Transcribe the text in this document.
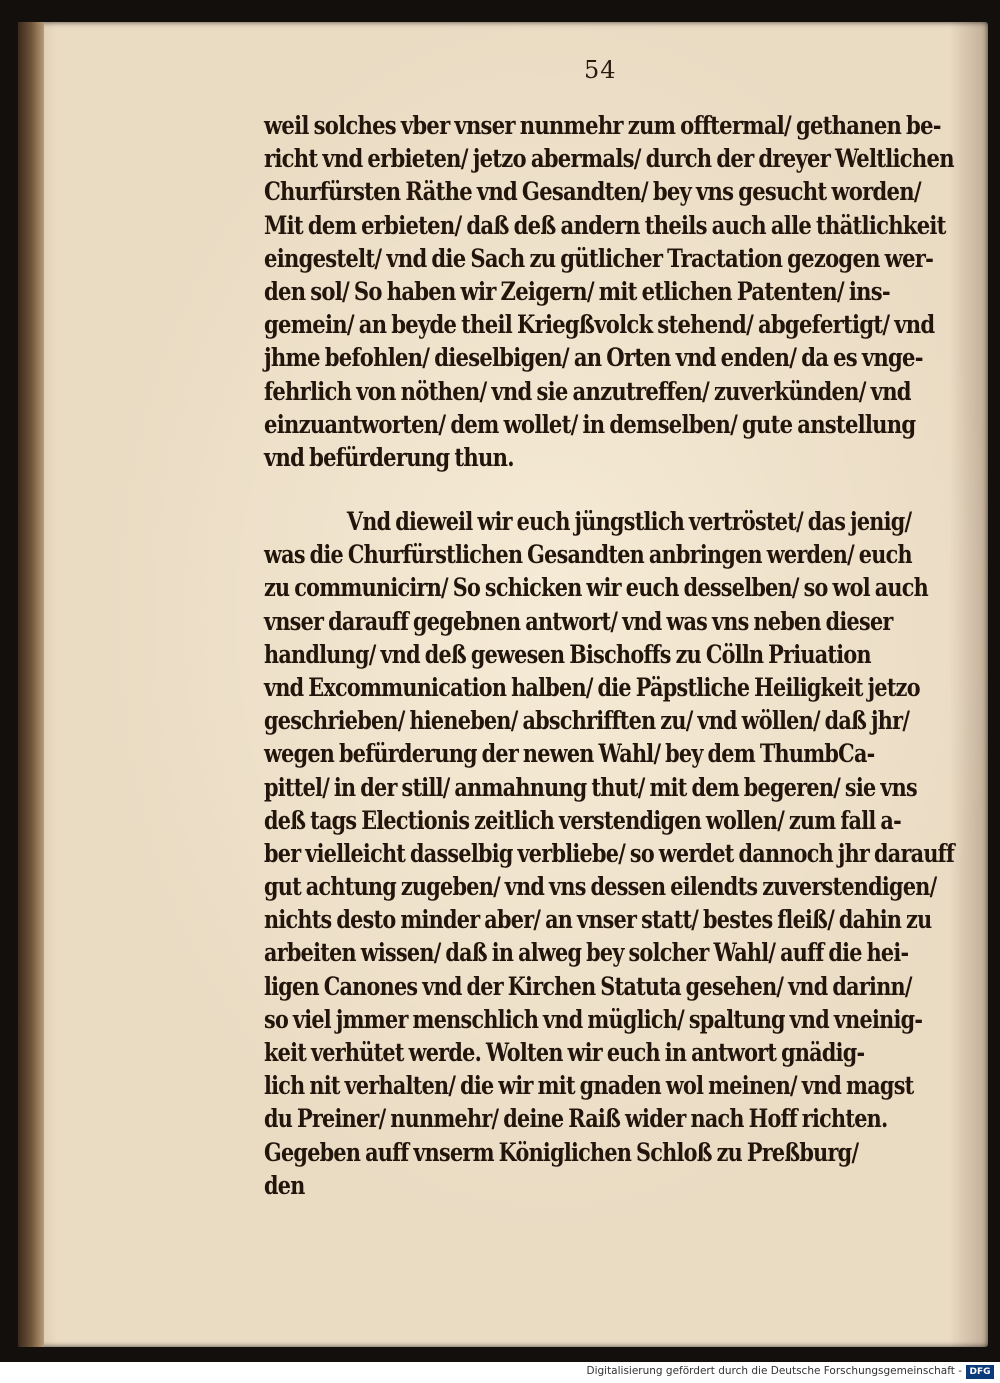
54
weil solches vber vnser nunmehr zum offtermal/ gethanen be-
richt vnd erbieten/ jetzo abermals/ durch der dreyer Weltlichen
Churfürsten Räthe vnd Gesandten/ bey vns gesucht worden/
Mit dem erbieten/ daß deß andern theils auch alle thätlichkeit
eingestelt/ vnd die Sach zu gütlicher Tractation gezogen wer-
den sol/ So haben wir Zeigern/ mit etlichen Patenten/ ins-
gemein/ an beyde theil Kriegßvolck stehend/ abgefertigt/ vnd
jhme befohlen/ dieselbigen/ an Orten vnd enden/ da es vnge-
fehrlich von nöthen/ vnd sie anzutreffen/ zuverkünden/ vnd
einzuantworten/ dem wollet/ in demselben/ gute anstellung
vnd befürderung thun.
Vnd dieweil wir euch jüngstlich vertröstet/ das jenig/
was die Churfürstlichen Gesandten anbringen werden/ euch
zu communicirn/ So schicken wir euch desselben/ so wol auch
vnser darauff gegebnen antwort/ vnd was vns neben dieser
handlung/ vnd deß gewesen Bischoffs zu Cölln Priuation
vnd Excommunication halben/ die Päpstliche Heiligkeit jetzo
geschrieben/ hieneben/ abschrifften zu/ vnd wöllen/ daß jhr/
wegen befürderung der newen Wahl/ bey dem ThumbCa-
pittel/ in der still/ anmahnung thut/ mit dem begeren/ sie vns
deß tags Electionis zeitlich verstendigen wollen/ zum fall a-
ber vielleicht dasselbig verbliebe/ so werdet dannoch jhr darauff
gut achtung zugeben/ vnd vns dessen eilendts zuverstendigen/
nichts desto minder aber/ an vnser statt/ bestes fleiß/ dahin zu
arbeiten wissen/ daß in alweg bey solcher Wahl/ auff die hei-
ligen Canones vnd der Kirchen Statuta gesehen/ vnd darinn/
so viel jmmer menschlich vnd müglich/ spaltung vnd vneinig-
keit verhütet werde. Wolten wir euch in antwort gnädig-
lich nit verhalten/ die wir mit gnaden wol meinen/ vnd magst
du Preiner/ nunmehr/ deine Raiß wider nach Hoff richten.
Gegeben auff vnserm Königlichen Schloß zu Preßburg/
den
Digitalisierung gefördert durch die Deutsche Forschungsgemeinschaft - DFG
